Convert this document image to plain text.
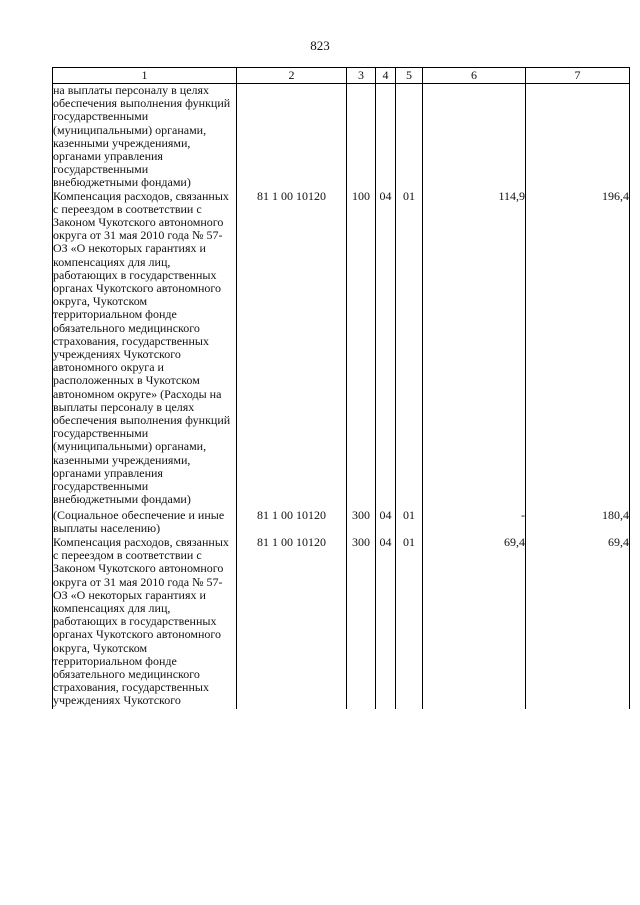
823
1	2	3	4	5	6	7
на выплаты персоналу в целях обеспечения выполнения функций государственными (муниципальными) органами, казенными учреждениями, органами управления государственными внебюджетными фондами)						
Компенсация расходов, связанных с переездом в соответствии с Законом Чукотского автономного округа от 31 мая 2010 года № 57-ОЗ «О некоторых гарантиях и компенсациях для лиц, работающих в государственных органах Чукотского автономного округа, Чукотском территориальном фонде обязательного медицинского страхования, государственных учреждениях Чукотского автономного округа и расположенных в Чукотском автономном округе» (Расходы на выплаты персоналу в целях обеспечения выполнения функций государственными (муниципальными) органами, казенными учреждениями, органами управления государственными внебюджетными фондами)	81 1 00 10120	100	04	01	114,9	196,4
(Социальное обеспечение и иные выплаты населению)	81 1 00 10120	300	04	01	-	180,4
Компенсация расходов, связанных с переездом в соответствии с Законом Чукотского автономного округа от 31 мая 2010 года № 57-ОЗ «О некоторых гарантиях и компенсациях для лиц, работающих в государственных органах Чукотского автономного округа, Чукотском территориальном фонде обязательного медицинского страхования, государственных учреждениях Чукотского	81 1 00 10120	300	04	01	69,4	69,4
